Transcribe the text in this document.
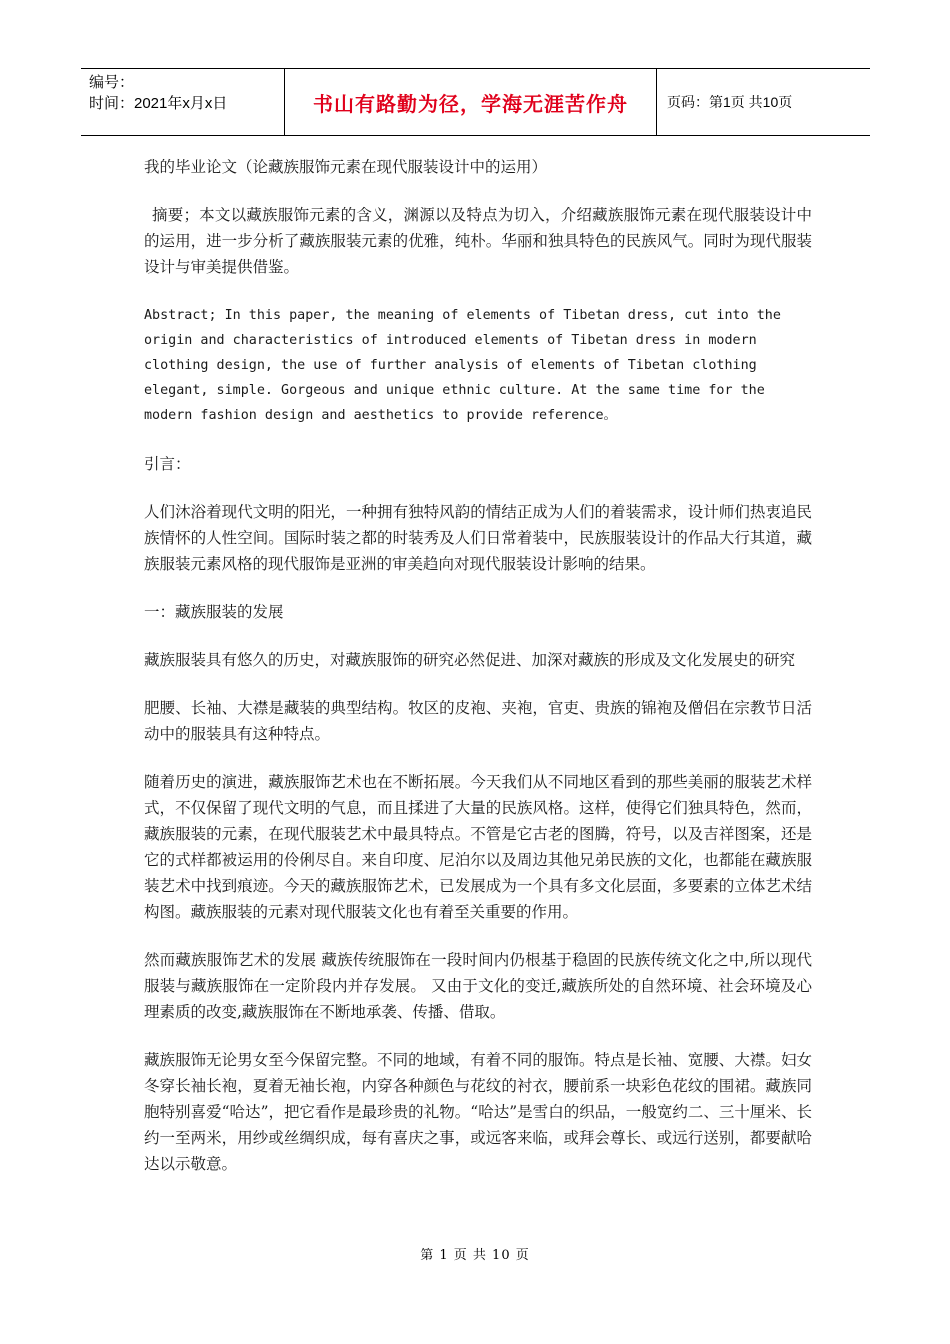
编号：
时间：2021年x月x日	书山有路勤为径，学海无涯苦作舟	页码：第1页 共10页

我的毕业论文（论藏族服饰元素在现代服装设计中的运用）

摘要；本文以藏族服饰元素的含义，渊源以及特点为切入，介绍藏族服饰元素在现代服装设计中的运用，进一步分析了藏族服装元素的优雅，纯朴。华丽和独具特色的民族风气。同时为现代服装设计与审美提供借鉴。

Abstract; In this paper, the meaning of elements of Tibetan dress, cut into the origin and characteristics of introduced elements of Tibetan dress in modern clothing design, the use of further analysis of elements of Tibetan clothing elegant, simple. Gorgeous and unique ethnic culture. At the same time for the modern fashion design and aesthetics to provide reference。

引言：

人们沐浴着现代文明的阳光，一种拥有独特风韵的情结正成为人们的着装需求，设计师们热衷追民族情怀的人性空间。国际时装之都的时装秀及人们日常着装中，民族服装设计的作品大行其道，藏族服装元素风格的现代服饰是亚洲的审美趋向对现代服装设计影响的结果。

一：藏族服装的发展

藏族服装具有悠久的历史，对藏族服饰的研究必然促进、加深对藏族的形成及文化发展史的研究

肥腰、长袖、大襟是藏装的典型结构。牧区的皮袍、夹袍，官吏、贵族的锦袍及僧侣在宗教节日活动中的服装具有这种特点。

随着历史的演进，藏族服饰艺术也在不断拓展。今天我们从不同地区看到的那些美丽的服装艺术样式，不仅保留了现代文明的气息，而且揉进了大量的民族风格。这样，使得它们独具特色，然而，藏族服装的元素，在现代服装艺术中最具特点。不管是它古老的图腾，符号，以及吉祥图案，还是它的式样都被运用的伶俐尽自。来自印度、尼泊尔以及周边其他兄弟民族的文化，也都能在藏族服装艺术中找到痕迹。今天的藏族服饰艺术，已发展成为一个具有多文化层面，多要素的立体艺术结构图。藏族服装的元素对现代服装文化也有着至关重要的作用。

然而藏族服饰艺术的发展 藏族传统服饰在一段时间内仍根基于稳固的民族传统文化之中,所以现代服装与藏族服饰在一定阶段内并存发展。 又由于文化的变迁,藏族所处的自然环境、社会环境及心理素质的改变,藏族服饰在不断地承袭、传播、借取。

藏族服饰无论男女至今保留完整。不同的地域，有着不同的服饰。特点是长袖、宽腰、大襟。妇女冬穿长袖长袍，夏着无袖长袍，内穿各种颜色与花纹的衬衣，腰前系一块彩色花纹的围裙。藏族同胞特别喜爱“哈达”，把它看作是最珍贵的礼物。“哈达”是雪白的织品，一般宽约二、三十厘米、长约一至两米，用纱或丝绸织成，每有喜庆之事，或远客来临，或拜会尊长、或远行送别，都要献哈达以示敬意。

第 1 页 共 10 页
